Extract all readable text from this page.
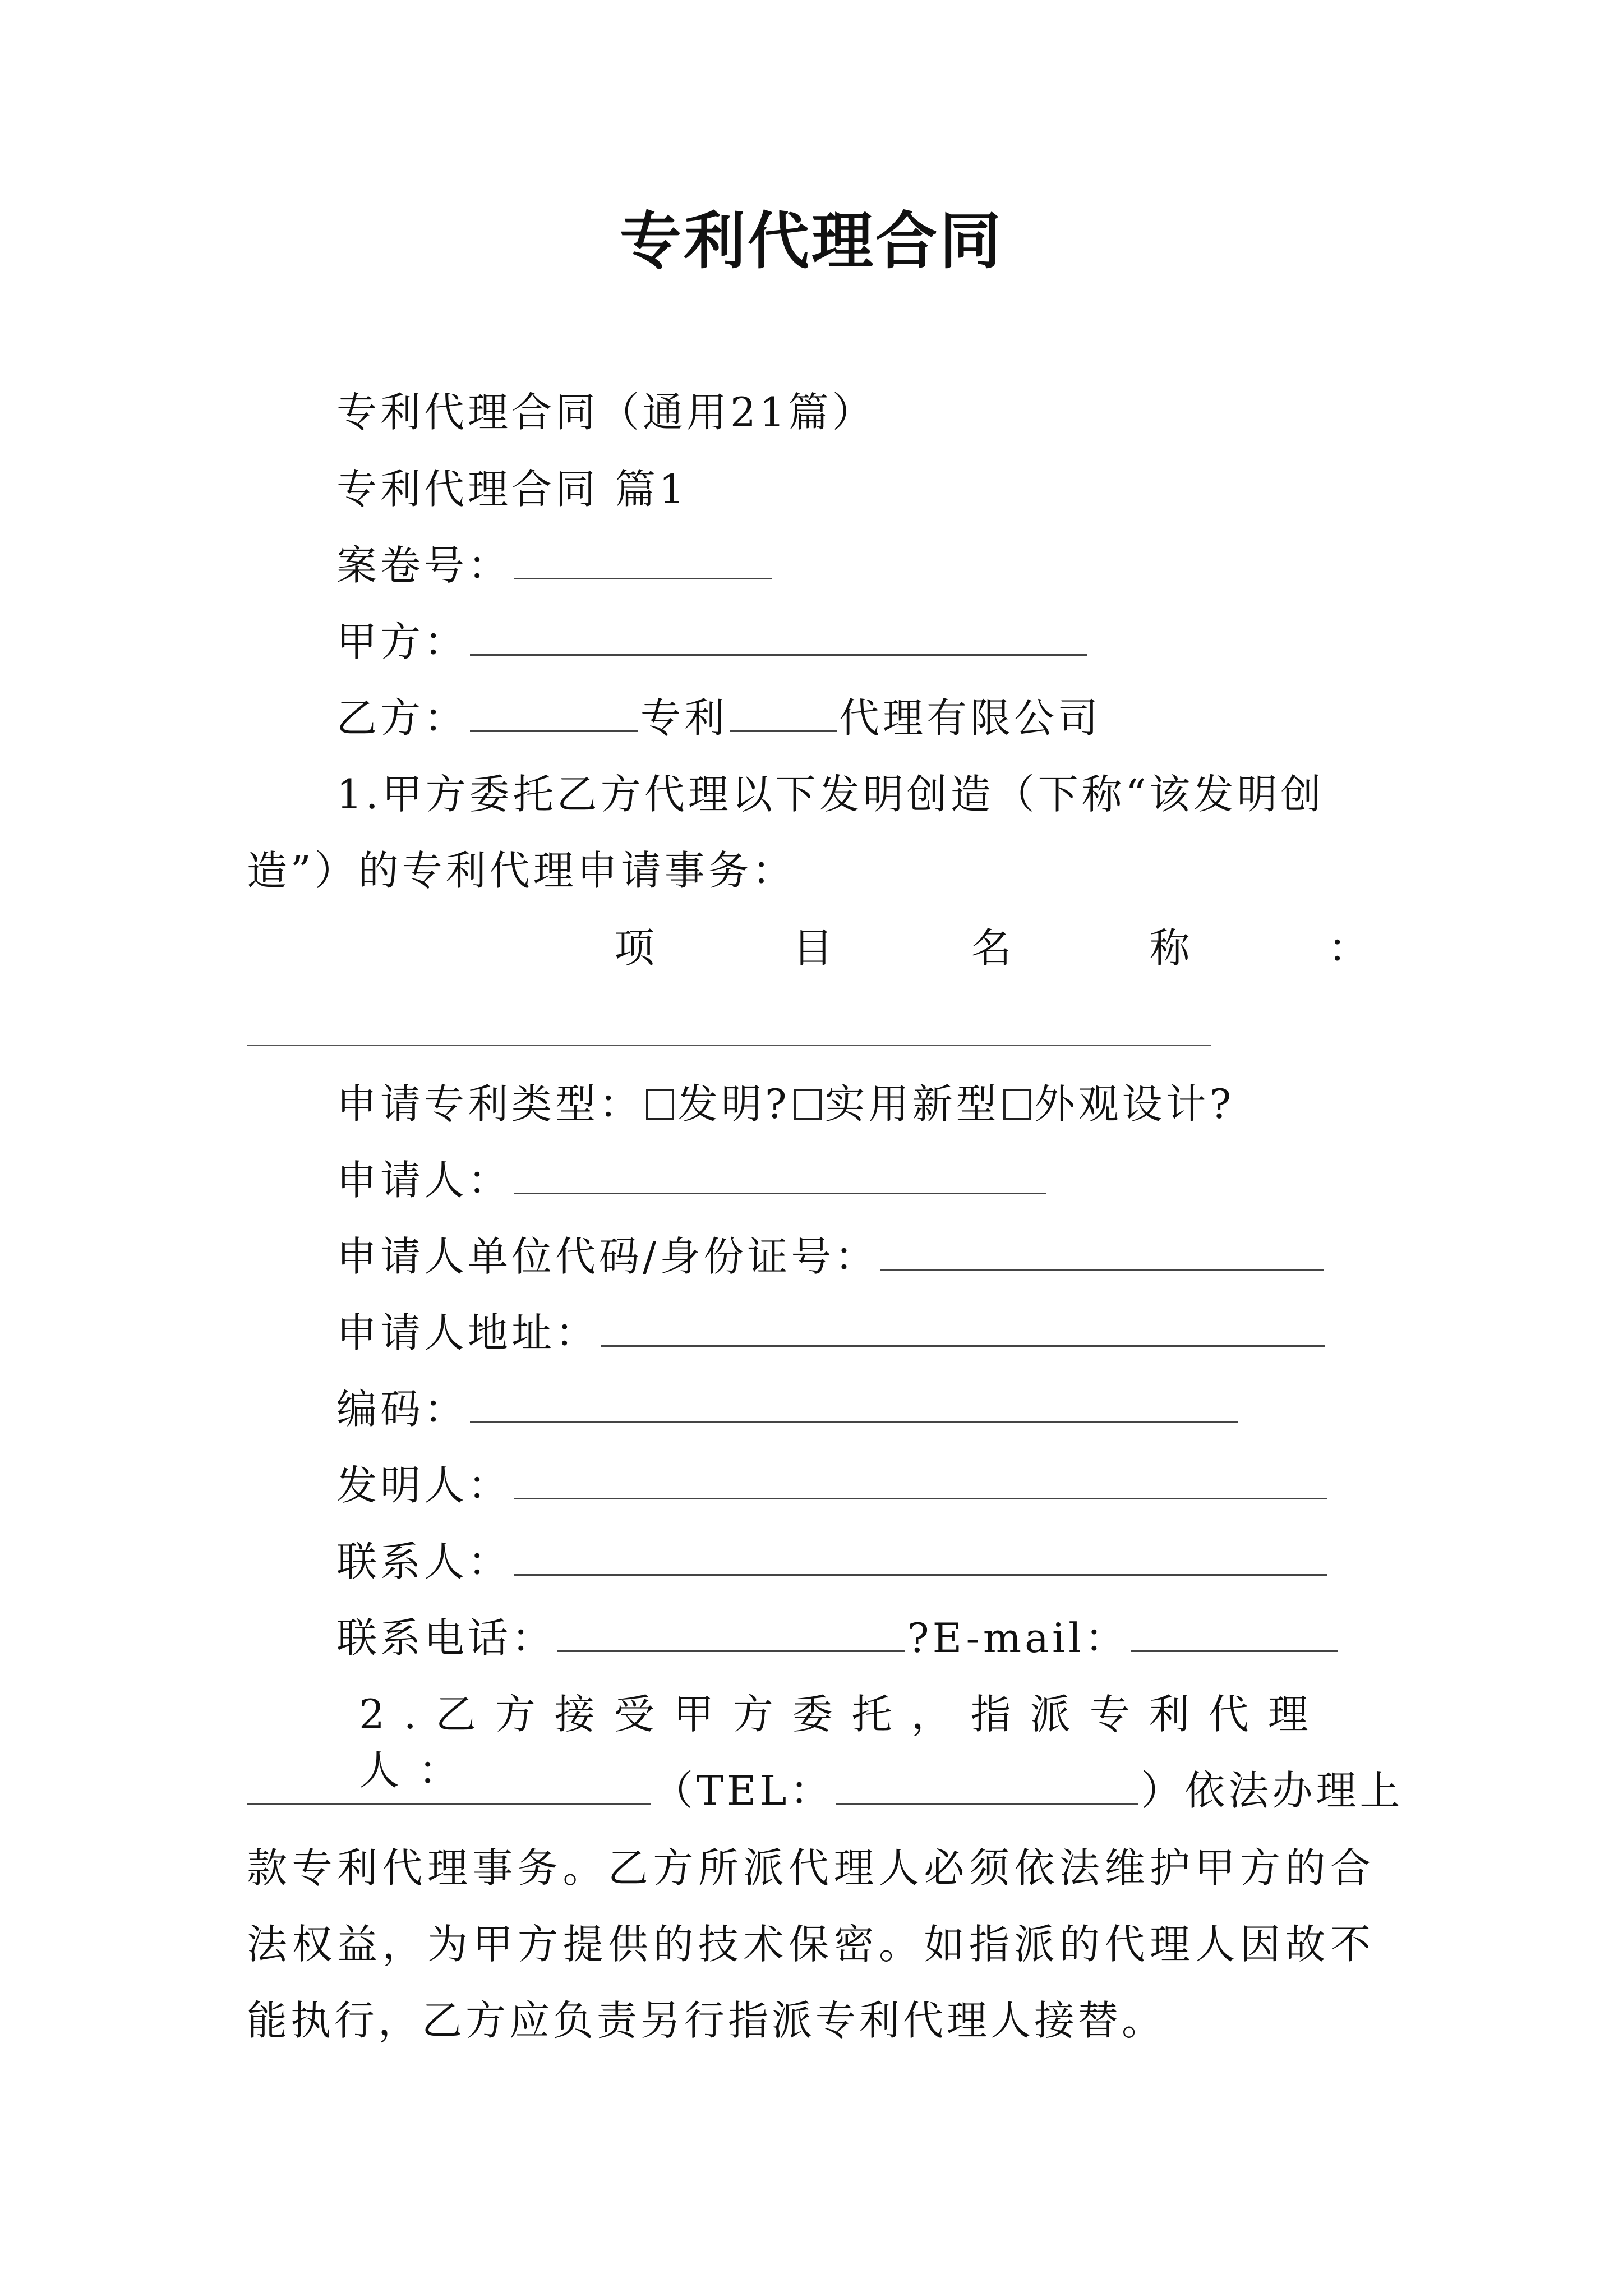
专利代理合同
专利代理合同（通用21篇）
专利代理合同 篇1
案卷号：
甲方：
乙方：	专利	代理有限公司
1.甲方委托乙方代理以下发明创造（下称“该发明创
造”）的专利代理申请事务：
项	目	名	称	：
申请专利类型： 发明? 实用新型 外观设计?
申请人：
申请人单位代码/身份证号：
申请人地址：
编码：
发明人：
联系人：
联系电话：	?E-mail：
2.乙方接受甲方委托，指派专利代理人：	（TEL：	）依法办理上
款专利代理事务。乙方所派代理人必须依法维护甲方的合法权益，为甲方提供的技术保密。如指派的代理人因故不能执行，乙方应负责另行指派专利代理人接替。
